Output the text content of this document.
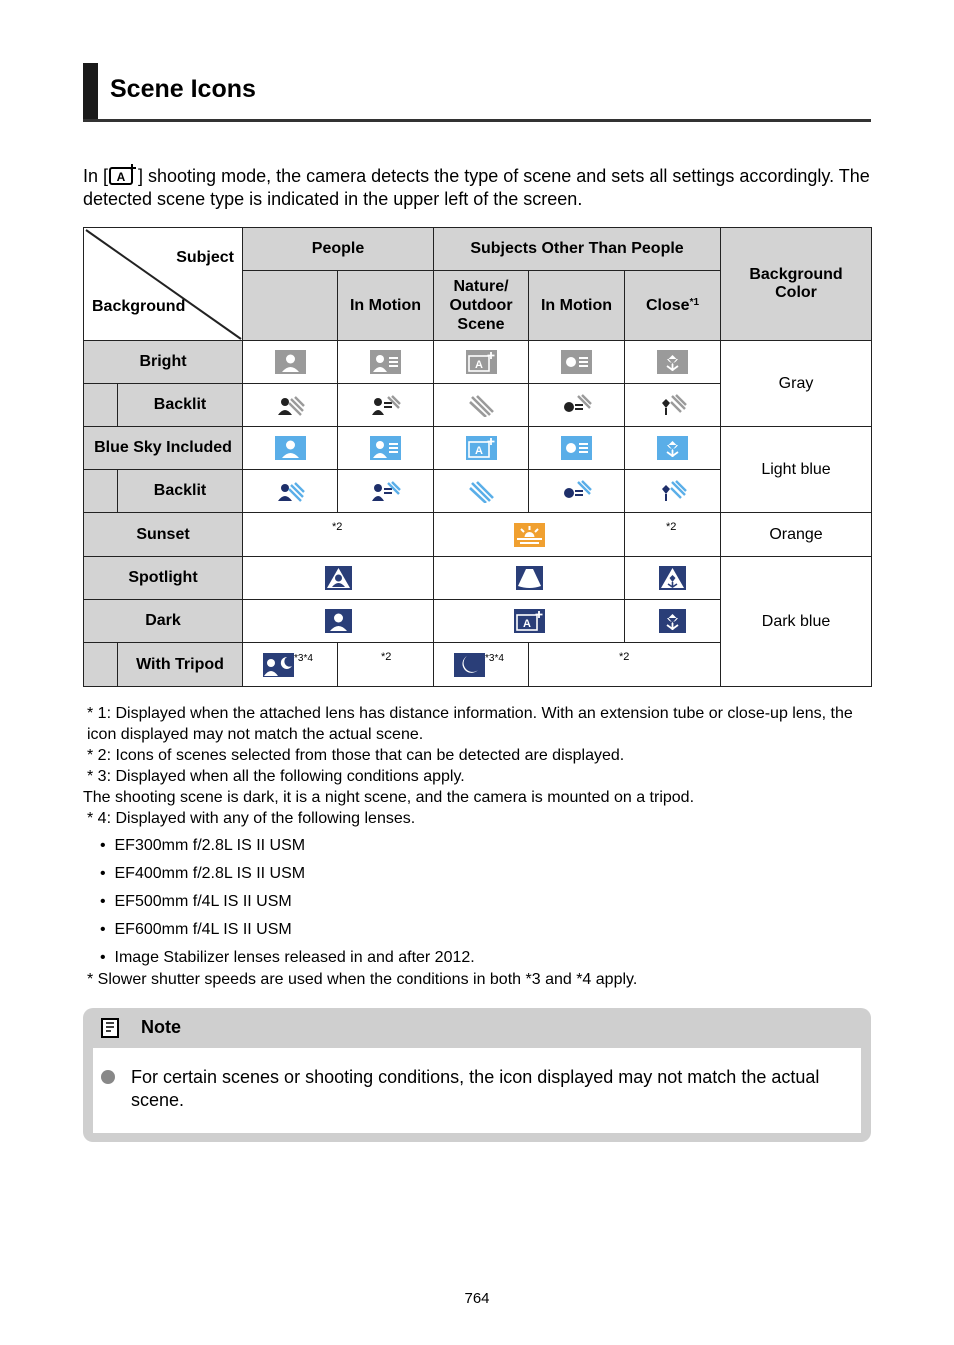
Scene Icons
In [ A ] shooting mode, the camera detects the type of scene and sets all settings accordingly. The detected scene type is indicated in the upper left of the screen.
Subject
Background		People		Subjects Other Than People			Background Color
			In Motion	Nature/ Outdoor Scene	In Motion	Close$^{*1}$
Bright				A			Gray
	Backlit					
Blue Sky Included				A			Light blue
	Backlit					
Sunset		*2				*2	Orange
Spotlight							Dark blue
Dark				A

	With Tripod	$^{*3*4}$	*2	$^{*3*4}$	*2		
* 1: Displayed when the attached lens has distance information. With an extension tube or close-up lens, the icon displayed may not match the actual scene.
* 2: Icons of scenes selected from those that can be detected are displayed.
* 3: Displayed when all the following conditions apply.
The shooting scene is dark, it is a night scene, and the camera is mounted on a tripod.
* 4: Displayed with any of the following lenses.
•  EF300mm f/2.8L IS II USM
•  EF400mm f/2.8L IS II USM
•  EF500mm f/4L IS II USM
•  EF600mm f/4L IS II USM
•  Image Stabilizer lenses released in and after 2012.
* Slower shutter speeds are used when the conditions in both *3 and *4 apply.
Note
For certain scenes or shooting conditions, the icon displayed may not match the actual scene.
764
